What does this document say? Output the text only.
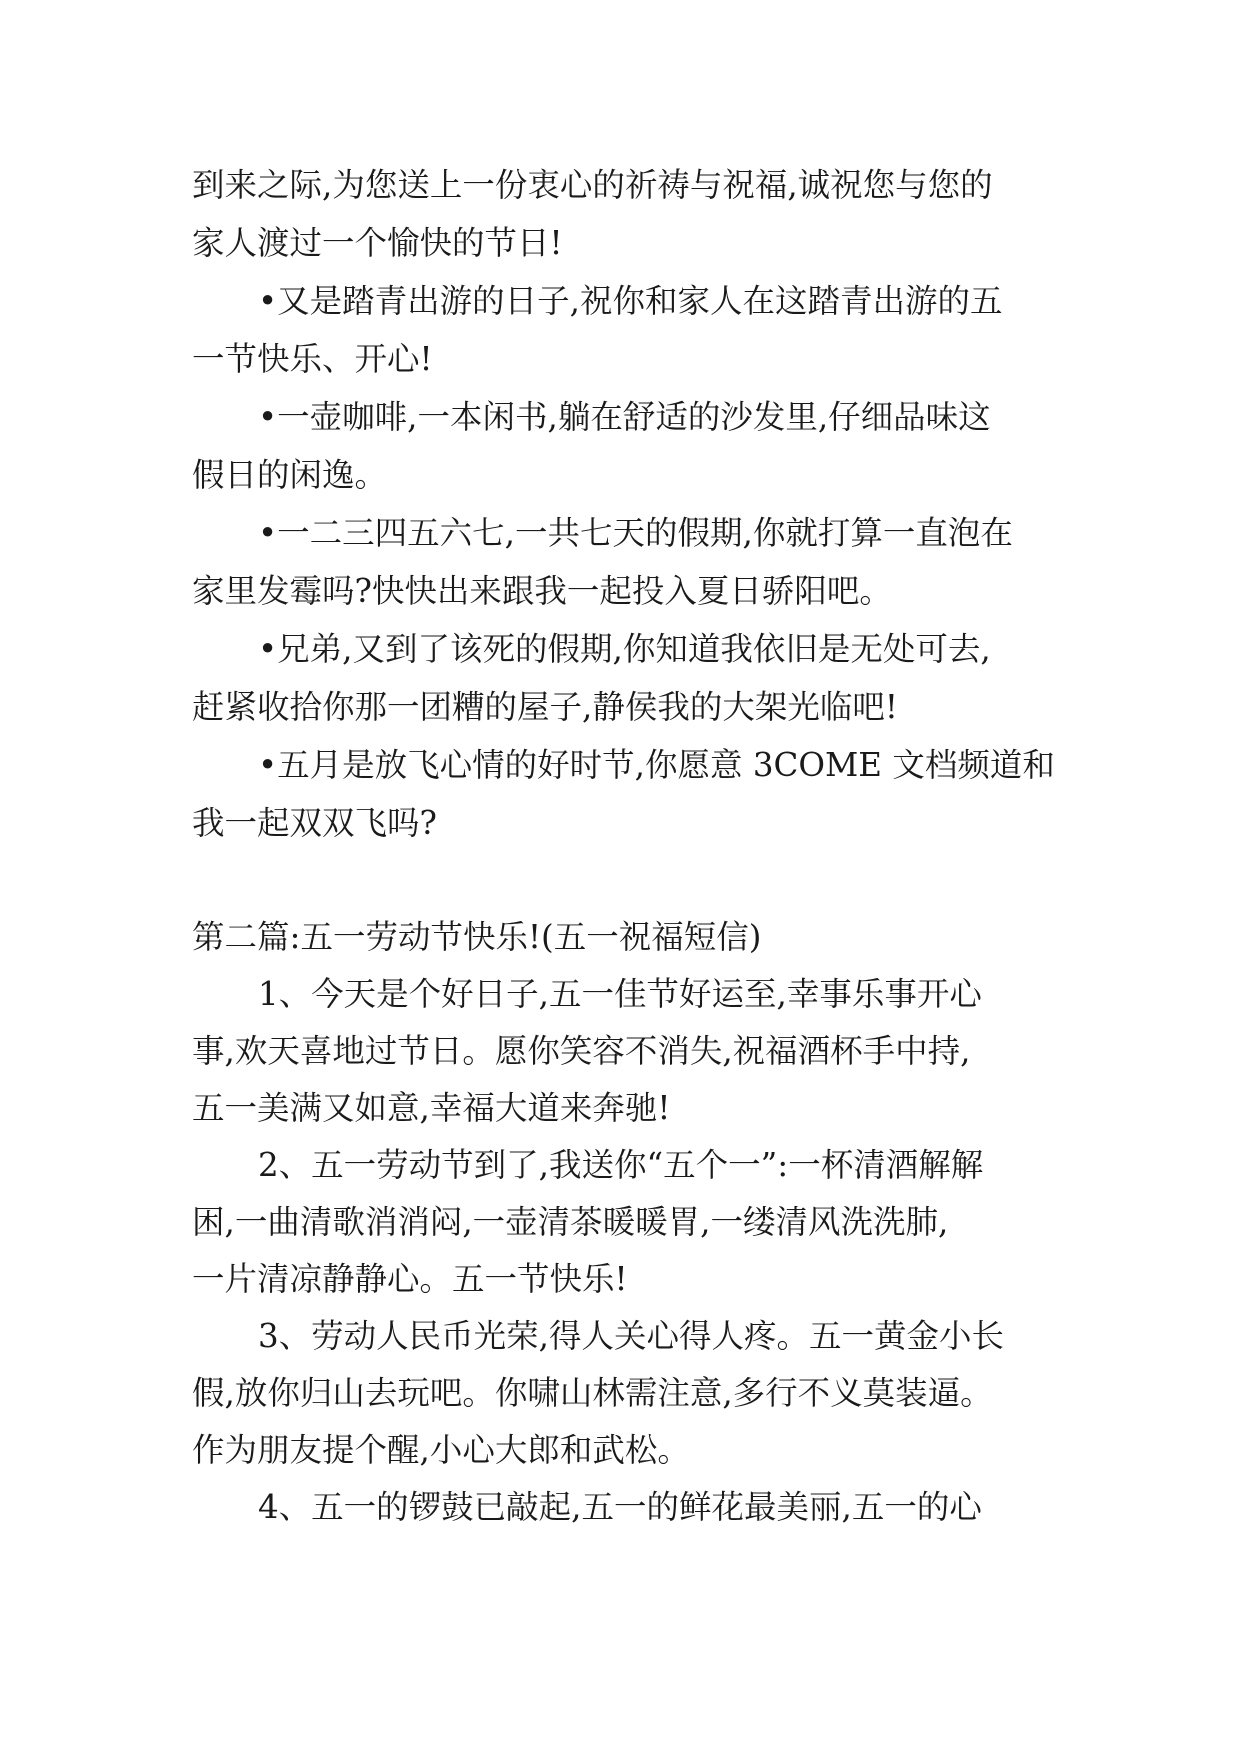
到来之际,为您送上一份衷心的祈祷与祝福,诚祝您与您的
家人渡过一个愉快的节日!
•又是踏青出游的日子,祝你和家人在这踏青出游的五
一节快乐、开心!
•一壶咖啡,一本闲书,躺在舒适的沙发里,仔细品味这
假日的闲逸。
•一二三四五六七,一共七天的假期,你就打算一直泡在
家里发霉吗?快快出来跟我一起投入夏日骄阳吧。
•兄弟,又到了该死的假期,你知道我依旧是无处可去,
赶紧收拾你那一团糟的屋子,静侯我的大架光临吧!
•五月是放飞心情的好时节,你愿意 3COME 文档频道和
我一起双双飞吗?
第二篇:五一劳动节快乐!(五一祝福短信)
1、今天是个好日子,五一佳节好运至,幸事乐事开心
事,欢天喜地过节日。愿你笑容不消失,祝福酒杯手中持,
五一美满又如意,幸福大道来奔驰!
2、五一劳动节到了,我送你“五个一”:一杯清酒解解
困,一曲清歌消消闷,一壶清茶暖暖胃,一缕清风洗洗肺,
一片清凉静静心。五一节快乐!
3、劳动人民币光荣,得人关心得人疼。五一黄金小长
假,放你归山去玩吧。你啸山林需注意,多行不义莫装逼。
作为朋友提个醒,小心大郎和武松。
4、五一的锣鼓已敲起,五一的鲜花最美丽,五一的心
